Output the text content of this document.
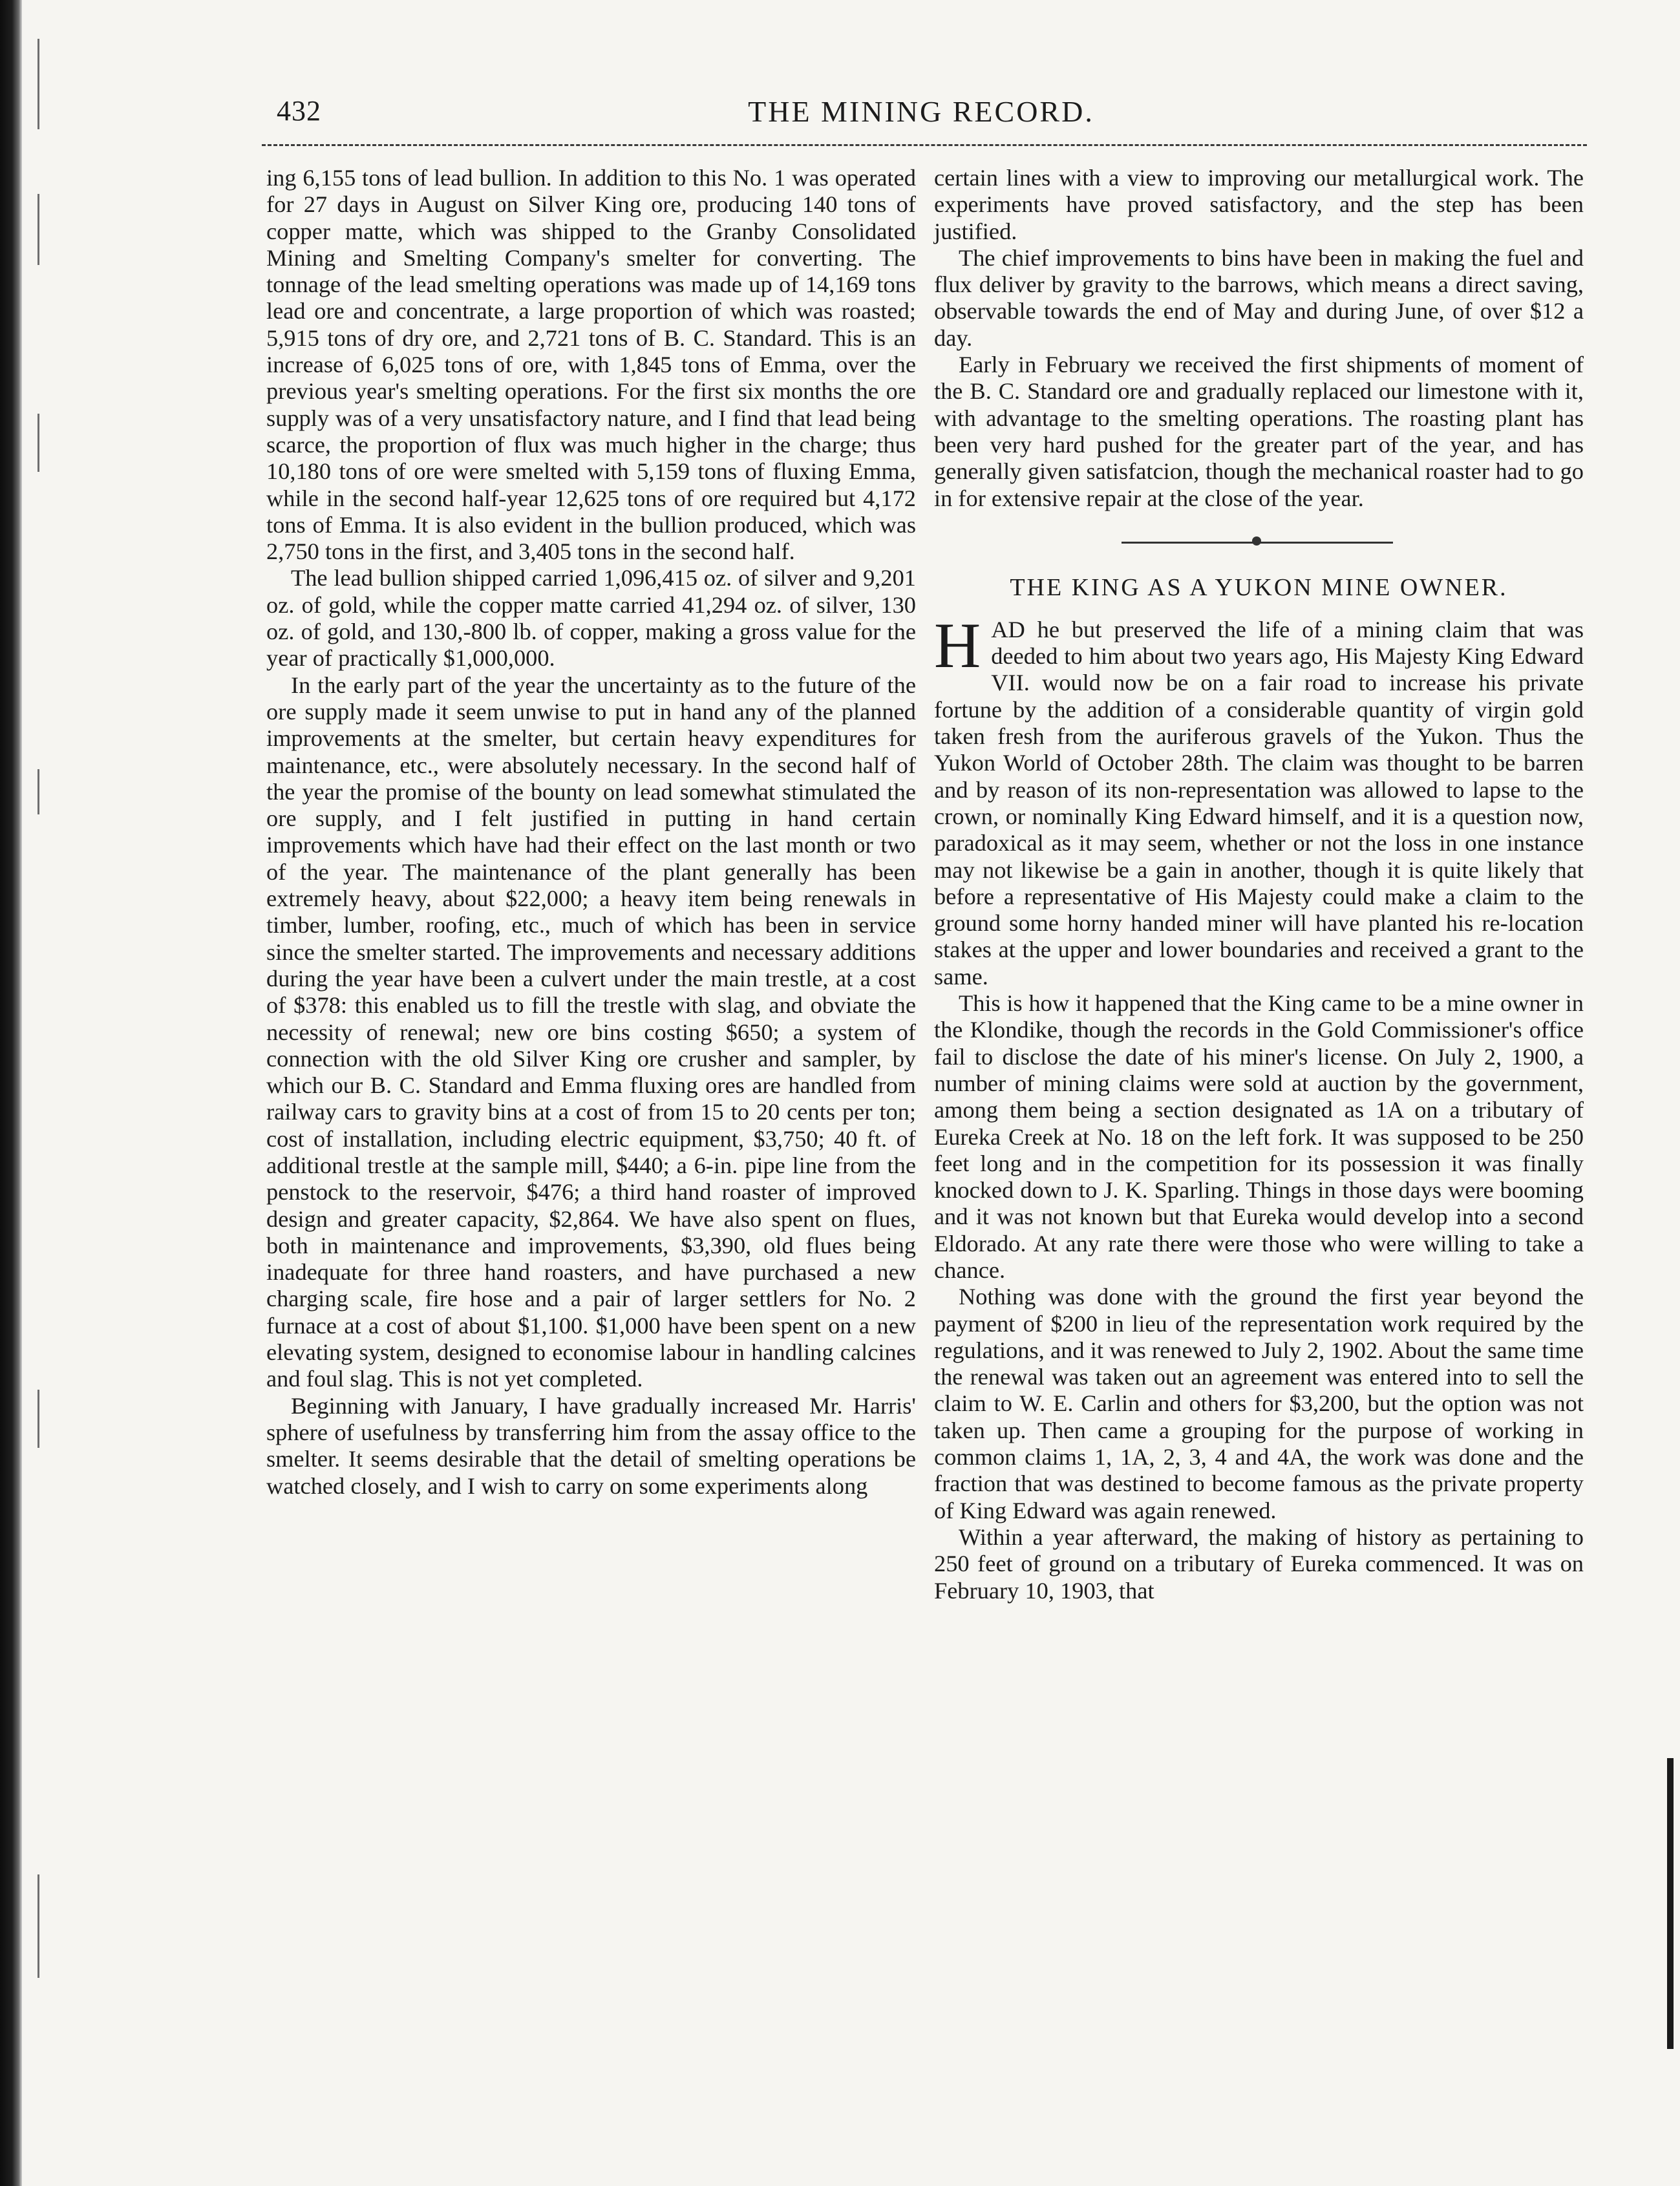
432	THE MINING RECORD.

ing 6,155 tons of lead bullion. In addition to this No. 1 was operated for 27 days in August on Silver King ore, producing 140 tons of copper matte, which was shipped to the Granby Consolidated Mining and Smelting Company's smelter for converting. The tonnage of the lead smelting operations was made up of 14,169 tons lead ore and concentrate, a large proportion of which was roasted; 5,915 tons of dry ore, and 2,721 tons of B. C. Standard. This is an increase of 6,025 tons of ore, with 1,845 tons of Emma, over the previous year's smelting operations. For the first six months the ore supply was of a very unsatisfactory nature, and I find that lead being scarce, the proportion of flux was much higher in the charge; thus 10,180 tons of ore were smelted with 5,159 tons of fluxing Emma, while in the second half-year 12,625 tons of ore required but 4,172 tons of Emma. It is also evident in the bullion produced, which was 2,750 tons in the first, and 3,405 tons in the second half.

The lead bullion shipped carried 1,096,415 oz. of silver and 9,201 oz. of gold, while the copper matte carried 41,294 oz. of silver, 130 oz. of gold, and 130,-800 lb. of copper, making a gross value for the year of practically $1,000,000.

In the early part of the year the uncertainty as to the future of the ore supply made it seem unwise to put in hand any of the planned improvements at the smelter, but certain heavy expenditures for maintenance, etc., were absolutely necessary. In the second half of the year the promise of the bounty on lead somewhat stimulated the ore supply, and I felt justified in putting in hand certain improvements which have had their effect on the last month or two of the year. The maintenance of the plant generally has been extremely heavy, about $22,000; a heavy item being renewals in timber, lumber, roofing, etc., much of which has been in service since the smelter started. The improvements and necessary additions during the year have been a culvert under the main trestle, at a cost of $378: this enabled us to fill the trestle with slag, and obviate the necessity of renewal; new ore bins costing $650; a system of connection with the old Silver King ore crusher and sampler, by which our B. C. Standard and Emma fluxing ores are handled from railway cars to gravity bins at a cost of from 15 to 20 cents per ton; cost of installation, including electric equipment, $3,750; 40 ft. of additional trestle at the sample mill, $440; a 6-in. pipe line from the penstock to the reservoir, $476; a third hand roaster of improved design and greater capacity, $2,864. We have also spent on flues, both in maintenance and improvements, $3,390, old flues being inadequate for three hand roasters, and have purchased a new charging scale, fire hose and a pair of larger settlers for No. 2 furnace at a cost of about $1,100. $1,000 have been spent on a new elevating system, designed to economise labour in handling calcines and foul slag. This is not yet completed.

Beginning with January, I have gradually increased Mr. Harris' sphere of usefulness by transferring him from the assay office to the smelter. It seems desirable that the detail of smelting operations be watched closely, and I wish to carry on some experiments along

certain lines with a view to improving our metallurgical work. The experiments have proved satisfactory, and the step has been justified.

The chief improvements to bins have been in making the fuel and flux deliver by gravity to the barrows, which means a direct saving, observable towards the end of May and during June, of over $12 a day.

Early in February we received the first shipments of moment of the B. C. Standard ore and gradually replaced our limestone with it, with advantage to the smelting operations. The roasting plant has been very hard pushed for the greater part of the year, and has generally given satisfatcion, though the mechanical roaster had to go in for extensive repair at the close of the year.

THE KING AS A YUKON MINE OWNER.

HAD he but preserved the life of a mining claim that was deeded to him about two years ago, His Majesty King Edward VII. would now be on a fair road to increase his private fortune by the addition of a considerable quantity of virgin gold taken fresh from the auriferous gravels of the Yukon. Thus the Yukon World of October 28th. The claim was thought to be barren and by reason of its non-representation was allowed to lapse to the crown, or nominally King Edward himself, and it is a question now, paradoxical as it may seem, whether or not the loss in one instance may not likewise be a gain in another, though it is quite likely that before a representative of His Majesty could make a claim to the ground some horny handed miner will have planted his re-location stakes at the upper and lower boundaries and received a grant to the same.

This is how it happened that the King came to be a mine owner in the Klondike, though the records in the Gold Commissioner's office fail to disclose the date of his miner's license. On July 2, 1900, a number of mining claims were sold at auction by the government, among them being a section designated as 1A on a tributary of Eureka Creek at No. 18 on the left fork. It was supposed to be 250 feet long and in the competition for its possession it was finally knocked down to J. K. Sparling. Things in those days were booming and it was not known but that Eureka would develop into a second Eldorado. At any rate there were those who were willing to take a chance.

Nothing was done with the ground the first year beyond the payment of $200 in lieu of the representation work required by the regulations, and it was renewed to July 2, 1902. About the same time the renewal was taken out an agreement was entered into to sell the claim to W. E. Carlin and others for $3,200, but the option was not taken up. Then came a grouping for the purpose of working in common claims 1, 1A, 2, 3, 4 and 4A, the work was done and the fraction that was destined to become famous as the private property of King Edward was again renewed.

Within a year afterward, the making of history as pertaining to 250 feet of ground on a tributary of Eureka commenced. It was on February 10, 1903, that
